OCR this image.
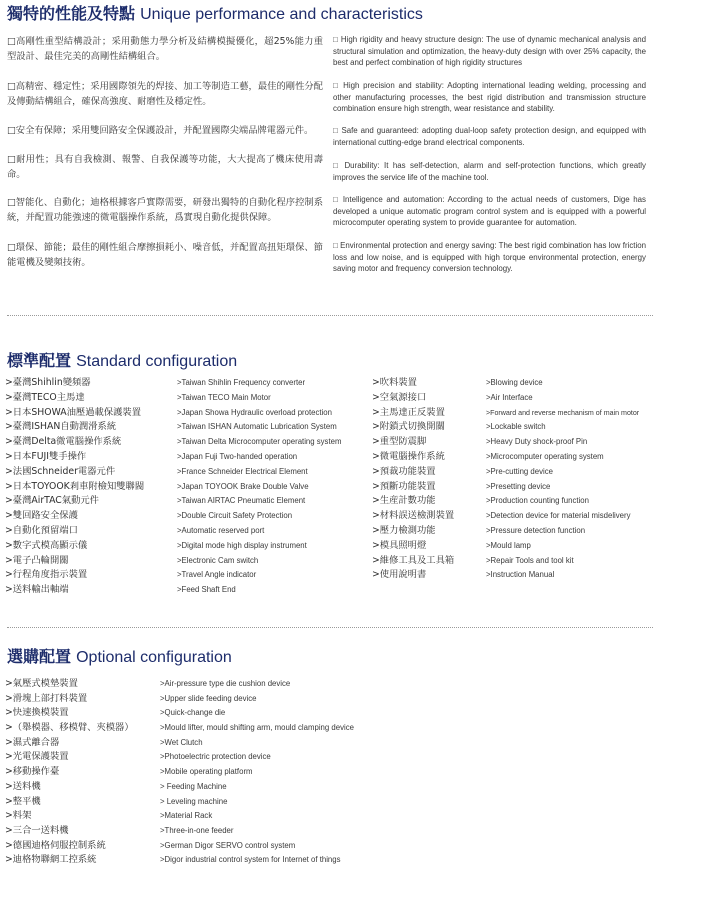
獨特的性能及特點 Unique performance and characteristics

□高剛性重型結構設計；采用動態力學分析及結構模擬優化，超25%能力重型設計、最佳完美的高剛性結構組合。

□高精密、穩定性；采用國際領先的焊接、加工等制造工藝，最佳的剛性分配及傳動結構組合，確保高強度、耐磨性及穩定性。

□安全有保障；采用雙回路安全保護設計，并配置國際尖端品牌電器元件。

□耐用性；具有自我檢測、報警、自我保護等功能，大大提高了機床使用壽命。

□智能化、自動化；迪格根據客戶實際需要，研發出獨特的自動化程序控制系統，并配置功能強速的微電腦操作系統，爲實現自動化提供保障。

□環保、節能；最佳的剛性組合摩擦損耗小、噪音低，并配置高扭矩環保、節能電機及變頻技術。

□ High rigidity and heavy structure design: The use of dynamic mechanical analysis and structural simulation and optimization, the heavy-duty design with over 25% capacity, the best and perfect combination of high rigidity structures

□ High precision and stability: Adopting international leading welding, processing and other manufacturing processes, the best rigid distribution and transmission structure combination ensure high strength, wear resistance and stability.

□ Safe and guaranteed: adopting dual-loop safety protection design, and equipped with international cutting-edge brand electrical components.

□ Durability: It has self-detection, alarm and self-protection functions, which greatly improves the service life of the machine tool.

□ Intelligence and automation: According to the actual needs of customers, Dige has developed a unique automatic program control system and is equipped with a powerful microcomputer operating system to provide guarantee for automation.

□ Environmental protection and energy saving: The best rigid combination has low friction loss and low noise, and is equipped with high torque environmental protection, energy saving motor and frequency conversion technology.

標準配置 Standard configuration
>臺灣Shihlin變頻器
>臺灣TECO主馬達
>日本SHOWA油壓過載保護裝置
>臺灣ISHAN自動潤滑系統
>臺灣Delta微電腦操作系統
>日本FUJI雙手操作
>法國Schneider電器元件
>日本TOYOOK剎車附檢知雙聯閥
>臺灣AirTAC氣動元件
>雙回路安全保護
>自動化預留端口
>數字式模高顯示儀
>電子凸輪開關
>行程角度指示裝置
>送料輸出軸端
>Taiwan Shihlin Frequency converter
>Taiwan TECO Main Motor
>Japan Showa Hydraulic overload protection
>Taiwan ISHAN Automatic Lubrication System
>Taiwan Delta Microcomputer operating system
>Japan Fuji Two-handed operation
>France Schneider Electrical Element
>Japan TOYOOK Brake Double Valve
>Taiwan AIRTAC Pneumatic Element
>Double Circuit Safety Protection
>Automatic reserved port
>Digital mode high display instrument
>Electronic Cam switch
>Travel Angle indicator
>Feed Shaft End
>吹料裝置
>空氣源接口
>主馬達正反裝置
>附鎖式切換開關
>重型防震脚
>微電腦操作系統
>預裁功能裝置
>預斷功能裝置
>生産計數功能
>材料誤送檢測裝置
>壓力檢測功能
>模具照明燈
>維修工具及工具箱
>使用說明書
>Blowing device
>Air Interface
>Forward and reverse mechanism of main motor
>Lockable switch
>Heavy Duty shock-proof Pin
>Microcomputer operating system
>Pre-cutting device
>Presetting device
>Production counting function
>Detection device for material misdelivery
>Pressure detection function
>Mould lamp
>Repair Tools and tool kit
>Instruction Manual
選購配置 Optional configuration
>氣壓式模墊裝置
>滑塊上部打料裝置
>快速換模裝置
>（舉模器、移模臂、夾模器）
>濕式離合器
>光電保護裝置
>移動操作臺
>送料機
>整平機
>料架
>三合一送料機
>德國迪格伺服控制系統
>迪格物聯網工控系統
>Air-pressure type die cushion device
>Upper slide feeding device
>Quick-change die
>Mould lifter, mould shifting arm, mould clamping device
>Wet Clutch
>Photoelectric protection device
>Mobile operating platform
> Feeding Machine
> Leveling machine
>Material Rack
>Three-in-one feeder
>German Digor SERVO control system
>Digor industrial control system for Internet of things
